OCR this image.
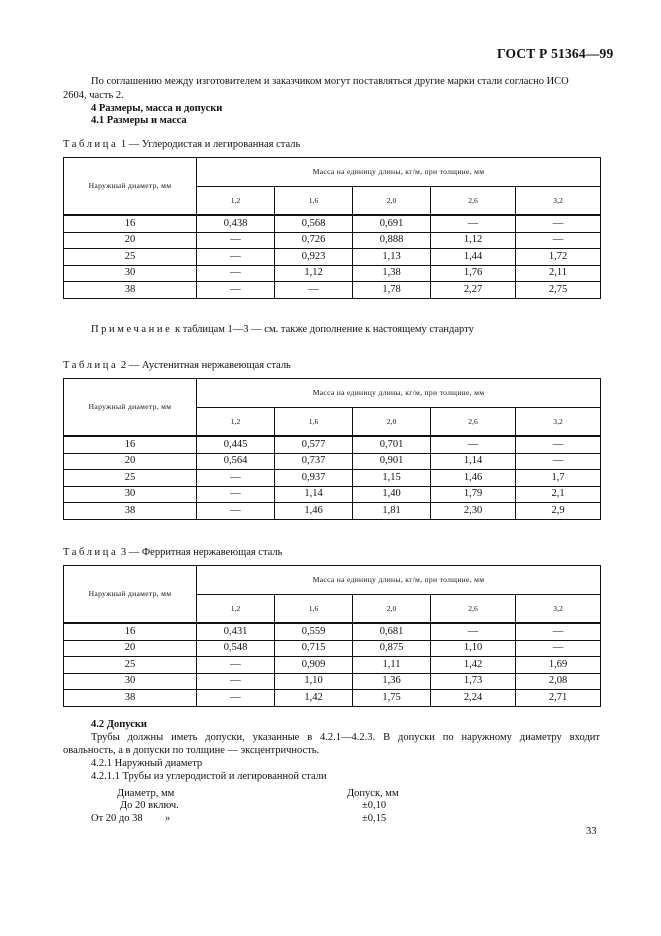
ГОСТ Р 51364—99
По соглашению между изготовителем и заказчиком могут поставляться другие марки стали согласно ИСО
2604, часть 2.
4 Размеры, масса и допуски
4.1 Размеры и масса
Таблица 1 — Углеродистая и легированная сталь
Наружный диаметр, мм	Масса на единицу длины, кг/м, при толщине, мм				
	1,2	1,6	2,0	2,6	3,2
16	0,438	0,568	0,691	—	—
20	—	0,726	0,888	1,12	—
25	—	0,923	1,13	1,44	1,72
30	—	1,12	1,38	1,76	2,11
38	—	—	1,78	2,27	2,75
Примечание к таблицам 1—3 — см. также дополнение к настоящему стандарту
Таблица 2 — Аустенитная нержавеющая сталь
Наружный диаметр, мм	Масса на единицу длины, кг/м, при толщине, мм				
	1,2	1,6	2,0	2,6	3,2
16	0,445	0,577	0,701	—	—
20	0,564	0,737	0,901	1,14	—
25	—	0,937	1,15	1,46	1,7
30	—	1,14	1,40	1,79	2,1
38	—	1,46	1,81	2,30	2,9
Таблица 3 — Ферритная нержавеющая сталь
Наружный диаметр, мм	Масса на единицу длины, кг/м, при толщине, мм				
	1,2	1,6	2,0	2,6	3,2
16	0,431	0,559	0,681	—	—
20	0,548	0,715	0,875	1,10	—
25	—	0,909	1,11	1,42	1,69
30	—	1,10	1,36	1,73	2,08
38	—	1,42	1,75	2,24	2,71
4.2 Допуски
Трубы должны иметь допуски, указанные в 4.2.1—4.2.3. В допуски по наружному диаметру входит
овальность, а в допуски по толщине — эксцентричность.
4.2.1 Наружный диаметр
4.2.1.1 Трубы из углеродистой и легированной стали
Диаметр, мм	Допуск, мм
До 20 включ.	±0,10
От 20 до 38 »	±0,15
33
